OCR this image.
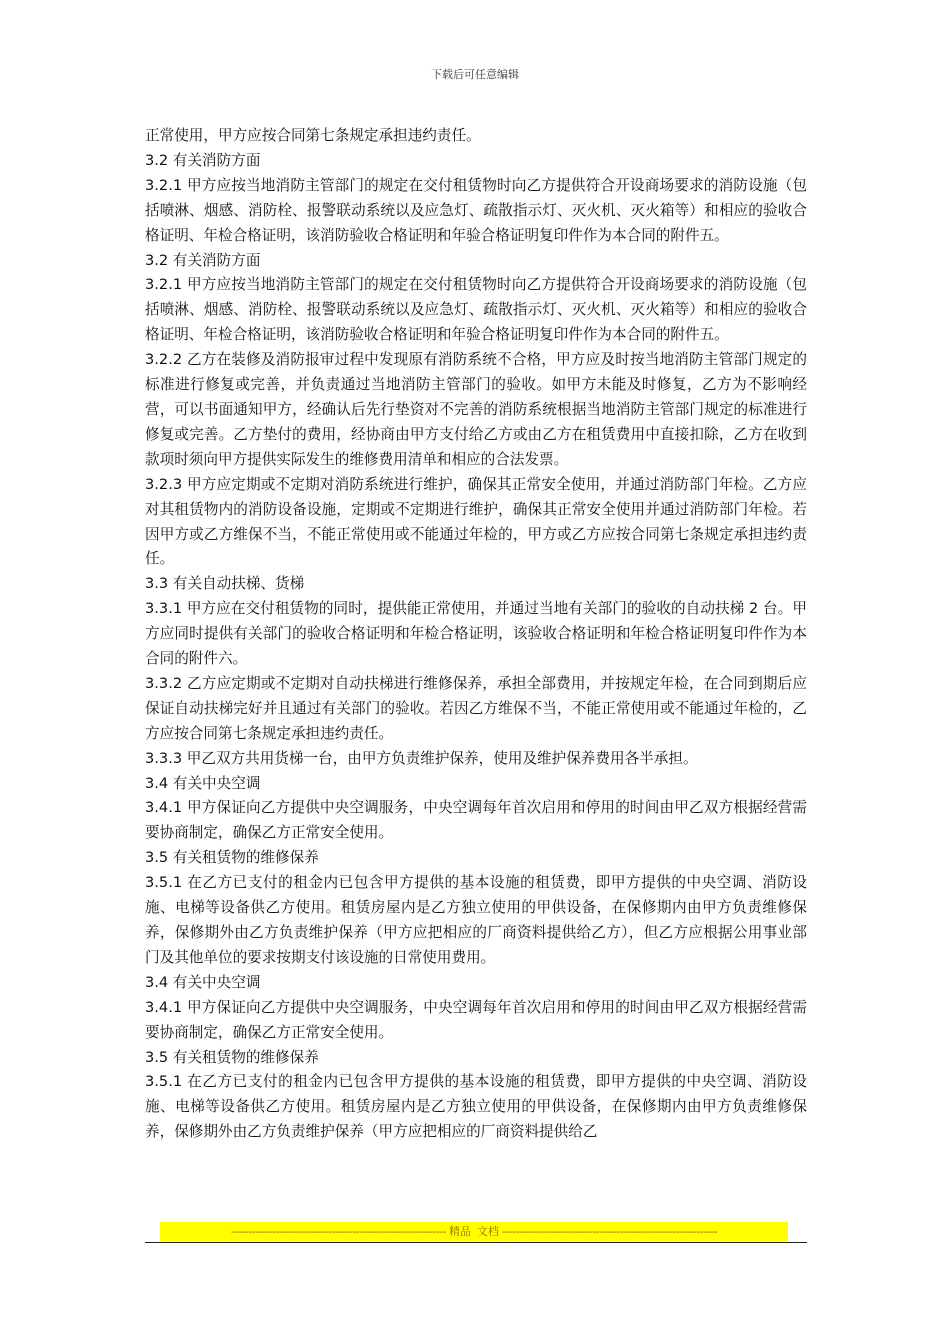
下载后可任意编辑

正常使用，甲方应按合同第七条规定承担违约责任。

3.2 有关消防方面

3.2.1 甲方应按当地消防主管部门的规定在交付租赁物时向乙方提供符合开设商场要求的消防设施（包括喷淋、烟感、消防栓、报警联动系统以及应急灯、疏散指示灯、灭火机、灭火箱等）和相应的验收合格证明、年检合格证明，该消防验收合格证明和年验合格证明复印件作为本合同的附件五。

3.2 有关消防方面

3.2.1 甲方应按当地消防主管部门的规定在交付租赁物时向乙方提供符合开设商场要求的消防设施（包括喷淋、烟感、消防栓、报警联动系统以及应急灯、疏散指示灯、灭火机、灭火箱等）和相应的验收合格证明、年检合格证明，该消防验收合格证明和年验合格证明复印件作为本合同的附件五。

3.2.2 乙方在装修及消防报审过程中发现原有消防系统不合格，甲方应及时按当地消防主管部门规定的标准进行修复或完善，并负责通过当地消防主管部门的验收。如甲方未能及时修复，乙方为不影响经营，可以书面通知甲方，经确认后先行垫资对不完善的消防系统根据当地消防主管部门规定的标准进行修复或完善。乙方垫付的费用，经协商由甲方支付给乙方或由乙方在租赁费用中直接扣除，乙方在收到款项时须向甲方提供实际发生的维修费用清单和相应的合法发票。

3.2.3 甲方应定期或不定期对消防系统进行维护，确保其正常安全使用，并通过消防部门年检。乙方应对其租赁物内的消防设备设施，定期或不定期进行维护，确保其正常安全使用并通过消防部门年检。若因甲方或乙方维保不当，不能正常使用或不能通过年检的，甲方或乙方应按合同第七条规定承担违约责任。

3.3 有关自动扶梯、货梯

3.3.1 甲方应在交付租赁物的同时，提供能正常使用，并通过当地有关部门的验收的自动扶梯 2 台。甲方应同时提供有关部门的验收合格证明和年检合格证明，该验收合格证明和年检合格证明复印件作为本合同的附件六。

3.3.2 乙方应定期或不定期对自动扶梯进行维修保养，承担全部费用，并按规定年检，在合同到期后应保证自动扶梯完好并且通过有关部门的验收。若因乙方维保不当，不能正常使用或不能通过年检的，乙方应按合同第七条规定承担违约责任。

3.3.3 甲乙双方共用货梯一台，由甲方负责维护保养，使用及维护保养费用各半承担。

3.4 有关中央空调

3.4.1 甲方保证向乙方提供中央空调服务，中央空调每年首次启用和停用的时间由甲乙双方根据经营需要协商制定，确保乙方正常安全使用。

3.5 有关租赁物的维修保养

3.5.1 在乙方已支付的租金内已包含甲方提供的基本设施的租赁费，即甲方提供的中央空调、消防设施、电梯等设备供乙方使用。租赁房屋内是乙方独立使用的甲供设备，在保修期内由甲方负责维修保养，保修期外由乙方负责维护保养（甲方应把相应的厂商资料提供给乙方），但乙方应根据公用事业部门及其他单位的要求按期支付该设施的日常使用费用。

3.4 有关中央空调

3.4.1 甲方保证向乙方提供中央空调服务，中央空调每年首次启用和停用的时间由甲乙双方根据经营需要协商制定，确保乙方正常安全使用。

3.5 有关租赁物的维修保养

3.5.1 在乙方已支付的租金内已包含甲方提供的基本设施的租赁费，即甲方提供的中央空调、消防设施、电梯等设备供乙方使用。租赁房屋内是乙方独立使用的甲供设备，在保修期内由甲方负责维修保养，保修期外由乙方负责维护保养（甲方应把相应的厂商资料提供给乙

-------------------------------------------------------------- 精品 文档 --------------------------------------------------------------
